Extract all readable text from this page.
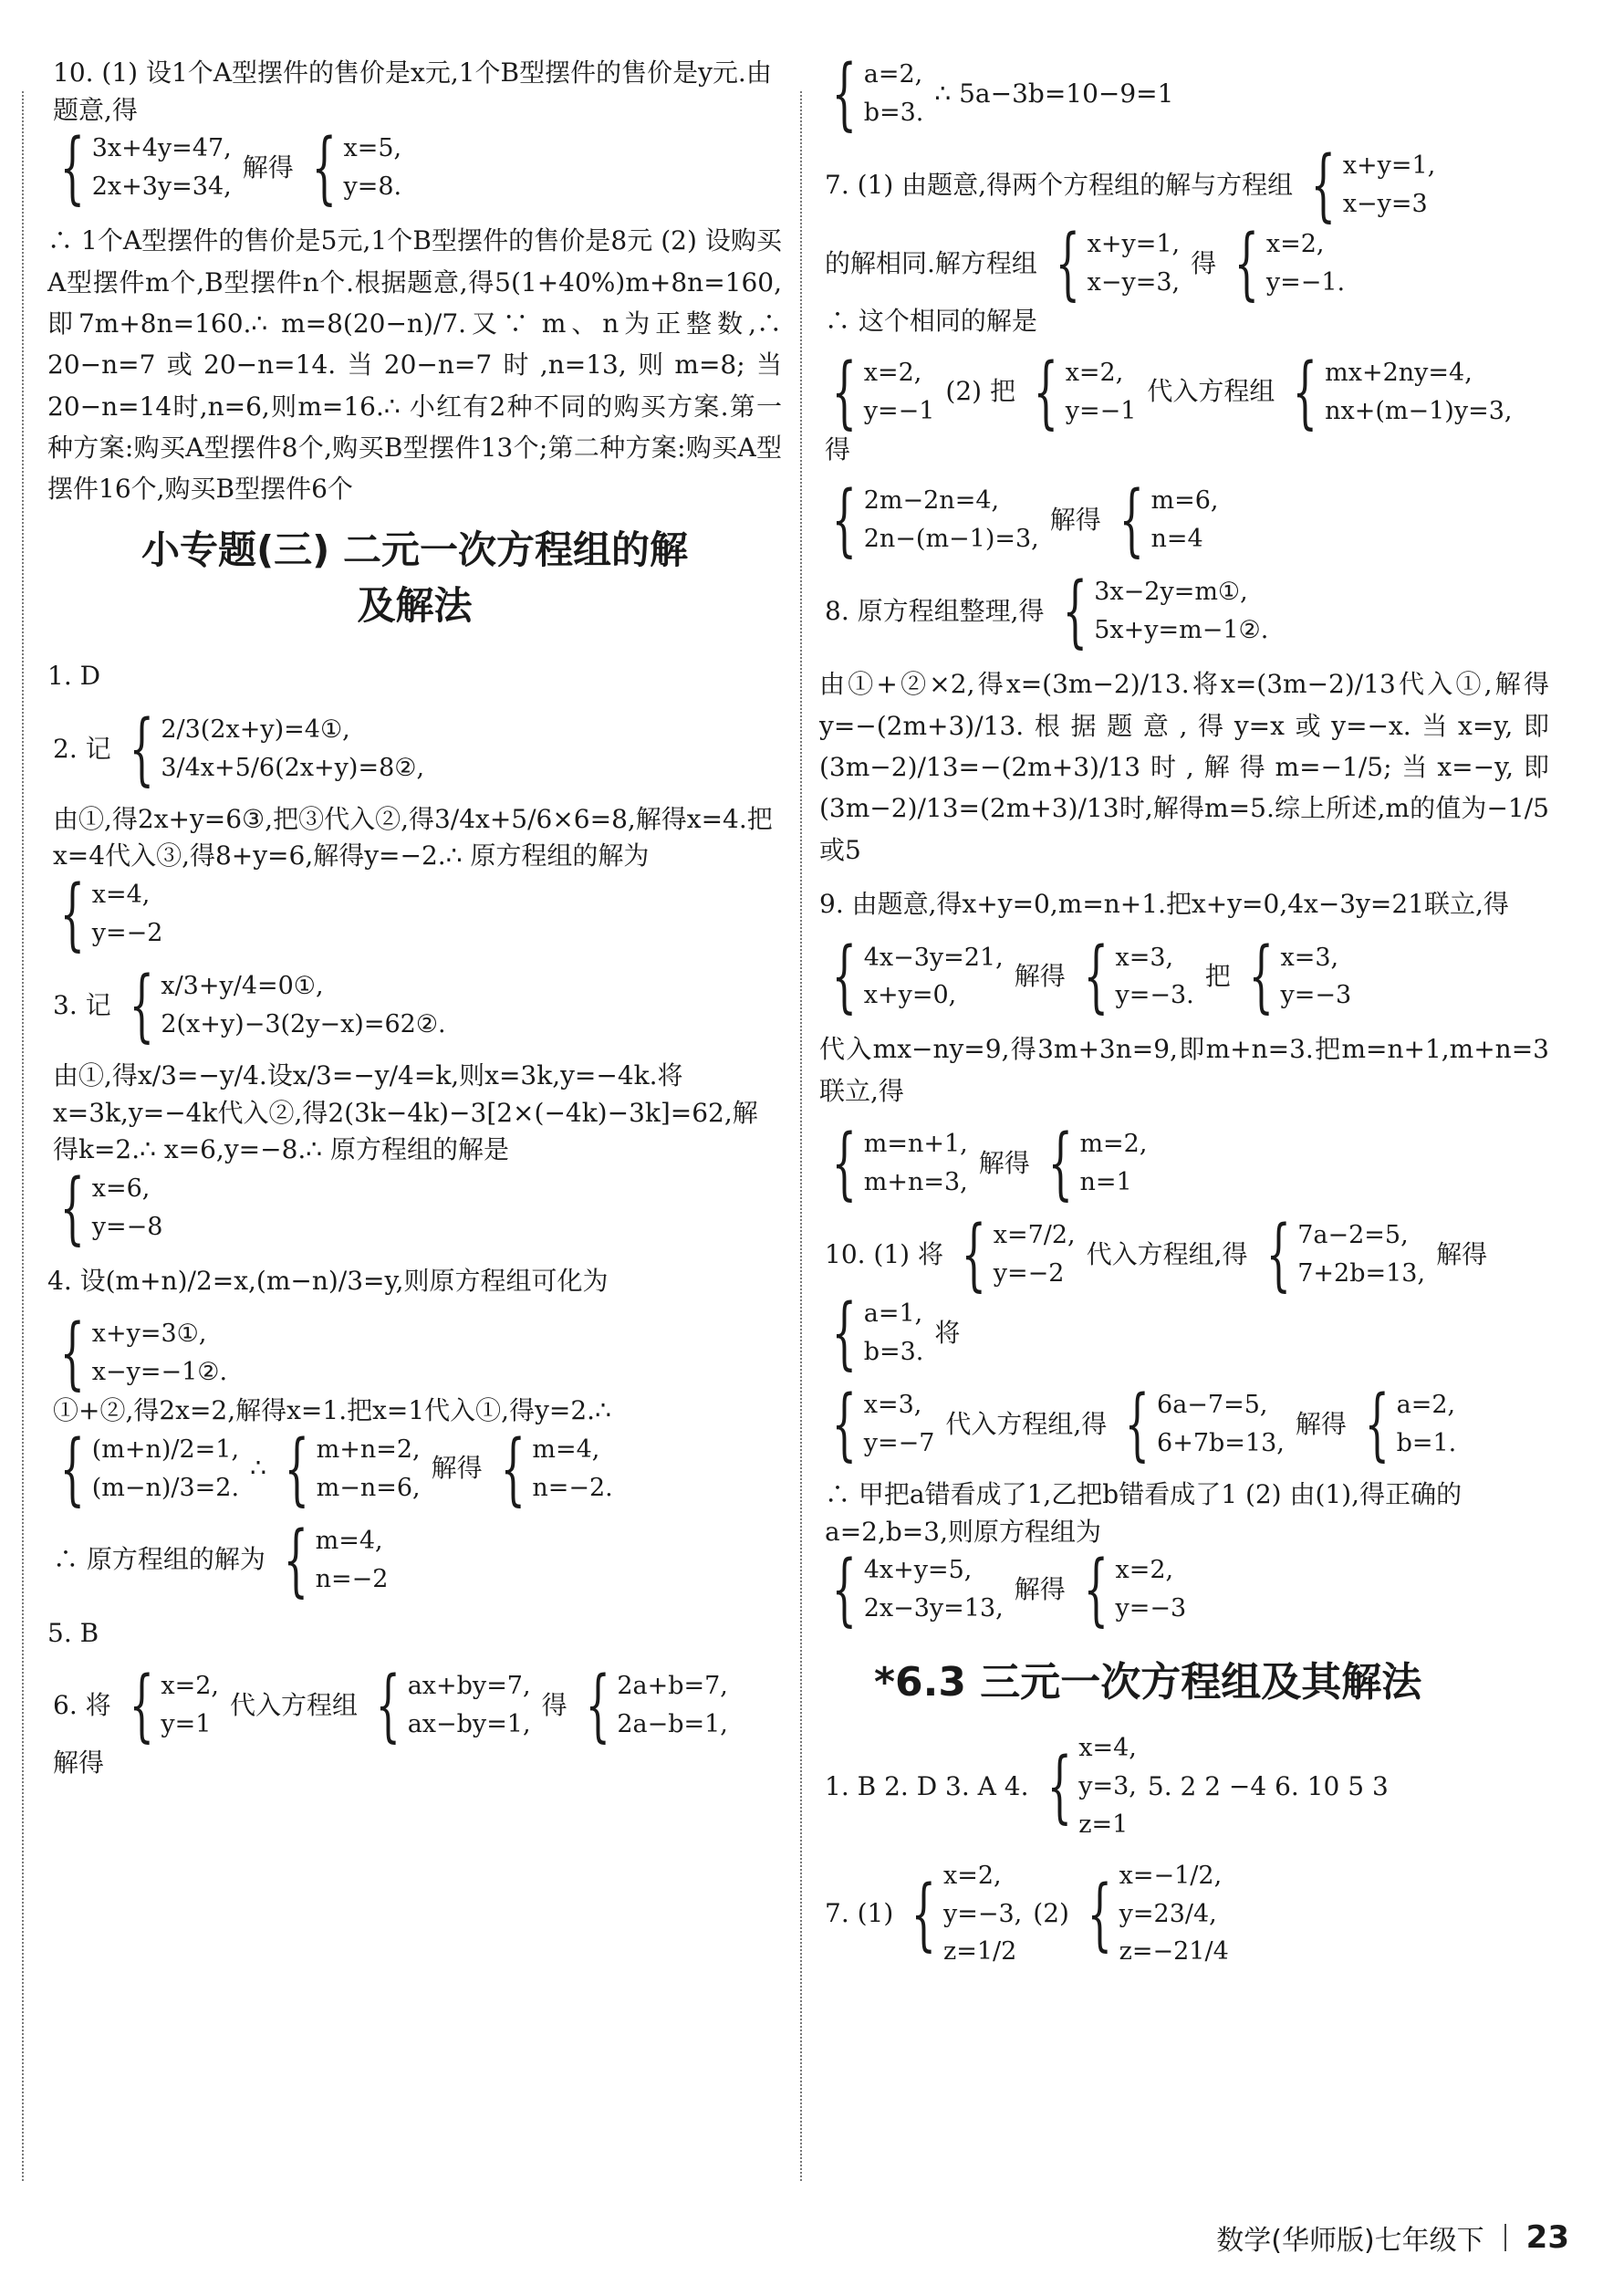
10. (1) 设1个A型摆件的售价是x元,1个B型摆件的售价是y元.由题意,得
{ 3x+4y=47,
2x+3y=34,
解得 { x=5,
y=8.

∴ 1个A型摆件的售价是5元,1个B型摆件的售价是8元 (2) 设购买A型摆件m个,B型摆件n个.根据题意,得5(1+40%)m+8n=160,即7m+8n=160.∴ m=8(20−n)/7.又∵ m、n为正整数,∴ 20−n=7或20−n=14.当20−n=7时,n=13,则m=8;当20−n=14时,n=6,则m=16.∴ 小红有2种不同的购买方案.第一种方案:购买A型摆件8个,购买B型摆件13个;第二种方案:购买A型摆件16个,购买B型摆件6个

小专题(三) 二元一次方程组的解
及解法

1. D

2. 记 { 2/3(2x+y)=4①,
3/4x+5/6(2x+y)=8②,
由①,得2x+y=6③,把③代入②,得3/4x+5/6×6=8,解得x=4.把x=4代入③,得8+y=6,解得y=−2.∴ 原方程组的解为
{ x=4,
y=−2
3. 记 { x/3+y/4=0①,
2(x+y)−3(2y−x)=62②.
由①,得x/3=−y/4.设x/3=−y/4=k,则x=3k,y=−4k.将x=3k,y=−4k代入②,得2(3k−4k)−3[2×(−4k)−3k]=62,解得k=2.∴ x=6,y=−8.∴ 原方程组的解是
{ x=6,
y=−8

4. 设(m+n)/2=x,(m−n)/3=y,则原方程组可化为

{ x+y=3①,
x−y=−1②.
①+②,得2x=2,解得x=1.把x=1代入①,得y=2.∴
{ (m+n)/2=1,
(m−n)/3=2.
∴ { m+n=2,
m−n=6,
解得 { m=4,
n=−2.
∴ 原方程组的解为 { m=4,
n=−2

5. B

6. 将 { x=2,
y=1
代入方程组 { ax+by=7,
ax−by=1,
得 { 2a+b=7,
2a−b=1,
解得
{ a=2,
b=3.
∴ 5a−3b=10−9=1
7. (1) 由题意,得两个方程组的解与方程组 { x+y=1,
x−y=3
的解相同.解方程组 { x+y=1,
x−y=3,
得 { x=2,
y=−1.
∴ 这个相同的解是
{ x=2,
y=−1
(2) 把 { x=2,
y=−1
代入方程组 { mx+2ny=4,
nx+(m−1)y=3,
得
{ 2m−2n=4,
2n−(m−1)=3,
解得 { m=6,
n=4
8. 原方程组整理,得 { 3x−2y=m①,
5x+y=m−1②.

由①+②×2,得x=(3m−2)/13.将x=(3m−2)/13代入①,解得y=−(2m+3)/13.根据题意,得y=x或y=−x.当x=y,即(3m−2)/13=−(2m+3)/13时,解得m=−1/5;当x=−y,即(3m−2)/13=(2m+3)/13时,解得m=5.综上所述,m的值为−1/5或5

9. 由题意,得x+y=0,m=n+1.把x+y=0,4x−3y=21联立,得

{ 4x−3y=21,
x+y=0,
解得 { x=3,
y=−3.
把 { x=3,
y=−3

代入mx−ny=9,得3m+3n=9,即m+n=3.把m=n+1,m+n=3联立,得

{ m=n+1,
m+n=3,
解得 { m=2,
n=1
10. (1) 将 { x=7/2,
y=−2
代入方程组,得 { 7a−2=5,
7+2b=13,
解得
{ a=1,
b=3.
将
{ x=3,
y=−7
代入方程组,得 { 6a−7=5,
6+7b=13,
解得 { a=2,
b=1.
∴ 甲把a错看成了1,乙把b错看成了1 (2) 由(1),得正确的a=2,b=3,则原方程组为
{ 4x+y=5,
2x−3y=13,
解得 { x=2,
y=−3
*6.3 三元一次方程组及其解法
1. B 2. D 3. A 4. { x=4,
y=3,
z=1
5. 2 2 −4 6. 10 5 3
7. (1) { x=2,
y=−3,
z=1/2
(2) { x=−1/2,
y=23/4,
z=−21/4
数学(华师版)七年级下 23
